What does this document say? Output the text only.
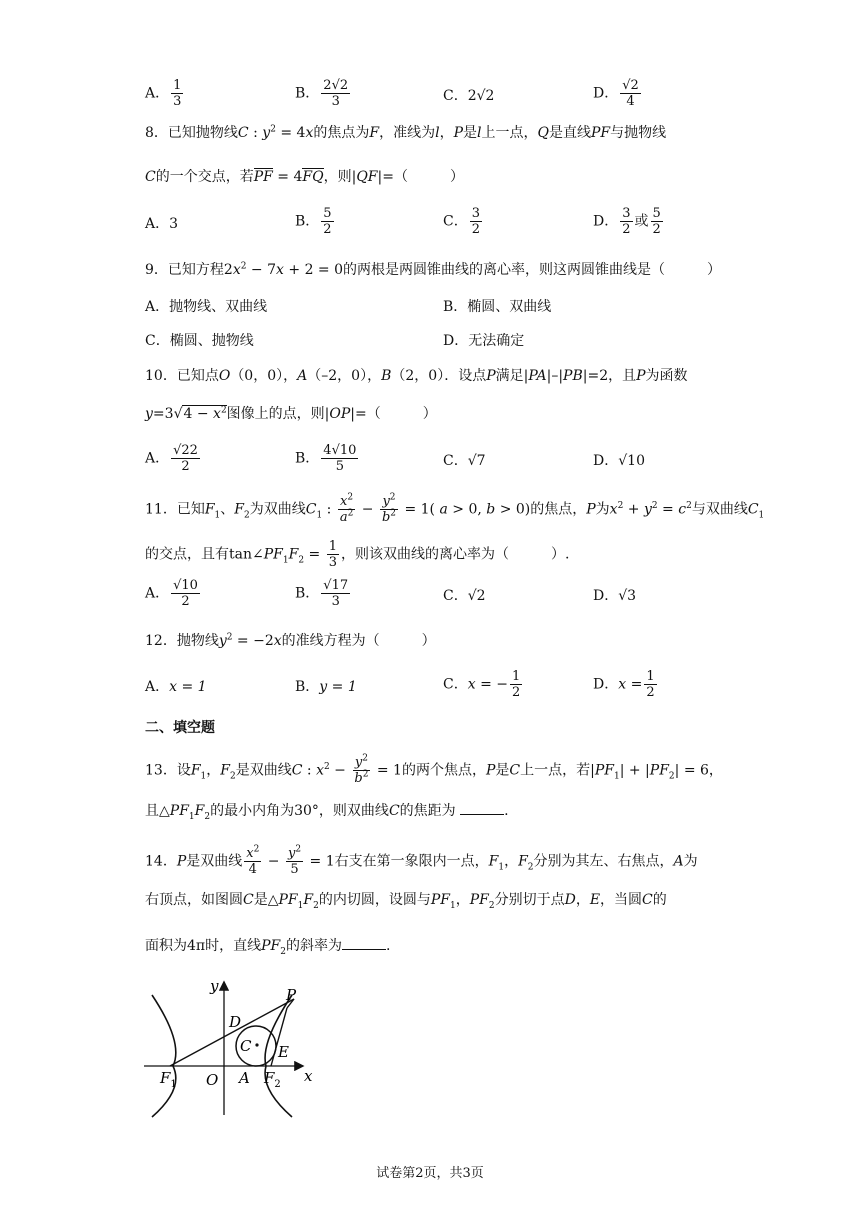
A． $\frac{1}{3}$	B． $\frac{2√2}{3}$	C．2√2	D． $\frac{√2}{4}$
8．已知抛物线C : $y^2 = 4x$的焦点为F，准线为l，P是l上一点，Q是直线PF与抛物线
C的一个交点，若PF = 4FQ，则|QF|=（　　　）
A．3	B． $\frac{5}{2}$	C． $\frac{3}{2}$	D． $\frac{3}{2}$ 或 $\frac{5}{2}$
9．已知方程$2x^2 - 7x + 2 = 0$的两根是两圆锥曲线的离心率，则这两圆锥曲线是（　　　）
A．抛物线、双曲线	B．椭圆、双曲线
C．椭圆、抛物线	D．无法确定
10．已知点O（0，0），A（–2，0），B（2，0）．设点P满足|PA|–|PB|=2，且P为函数
y=3√ $4 - x^2$图像上的点，则|OP|=（　　　）
A． $\frac{√22}{2}$	B． $\frac{4√10}{5}$	C．√7	D．√10
11．已知$F_1$、$F_2$为双曲线$C_1$ : $\frac{x^2}{a^2} - \frac{y^2}{b^2} = 1$( a > 0, b > 0)的焦点，P为$x^2 + y^2 = c^2$与双曲线$C_1$
的交点，且有$\tan\angle PF_1F_2 = \frac{1}{3}$ ，则该双曲线的离心率为（　　　）.
A． $\frac{√10}{2}$	B． $\frac{√17}{3}$	C．√2	D．√3
12．抛物线$y^2 = -2x$的准线方程为（　　　）
A．x = 1	B．y = 1	C．x = − $\frac{1}{2}$	D．$x = \frac{1}{2}$
二、填空题
13．设$F_1$，$F_2$是双曲线C : $x^2 - \frac{y^2}{b^2} = 1$的两个焦点，P是C上一点，若$|PF_1| + |PF_2| = 6$，
且$\triangle PF_1F_2$的最小内角为30°，则双曲线C的焦距为	.
14．P是双曲线 $\frac{x^2}{4} - \frac{y^2}{5} = 1$右支在第一象限内一点，$F_1$，$F_2$分别为其左、右焦点，A为
右顶点，如图圆C是$\triangle PF_1F_2$的内切圆，设圆与$PF_1$，$PF_2$分别切于点D，E，当圆C的
面积为4π时，直线$PF_2$的斜率为	.
y
x
D
P
C E
$F_1$ O A $F_2$
试卷第2页，共3页
